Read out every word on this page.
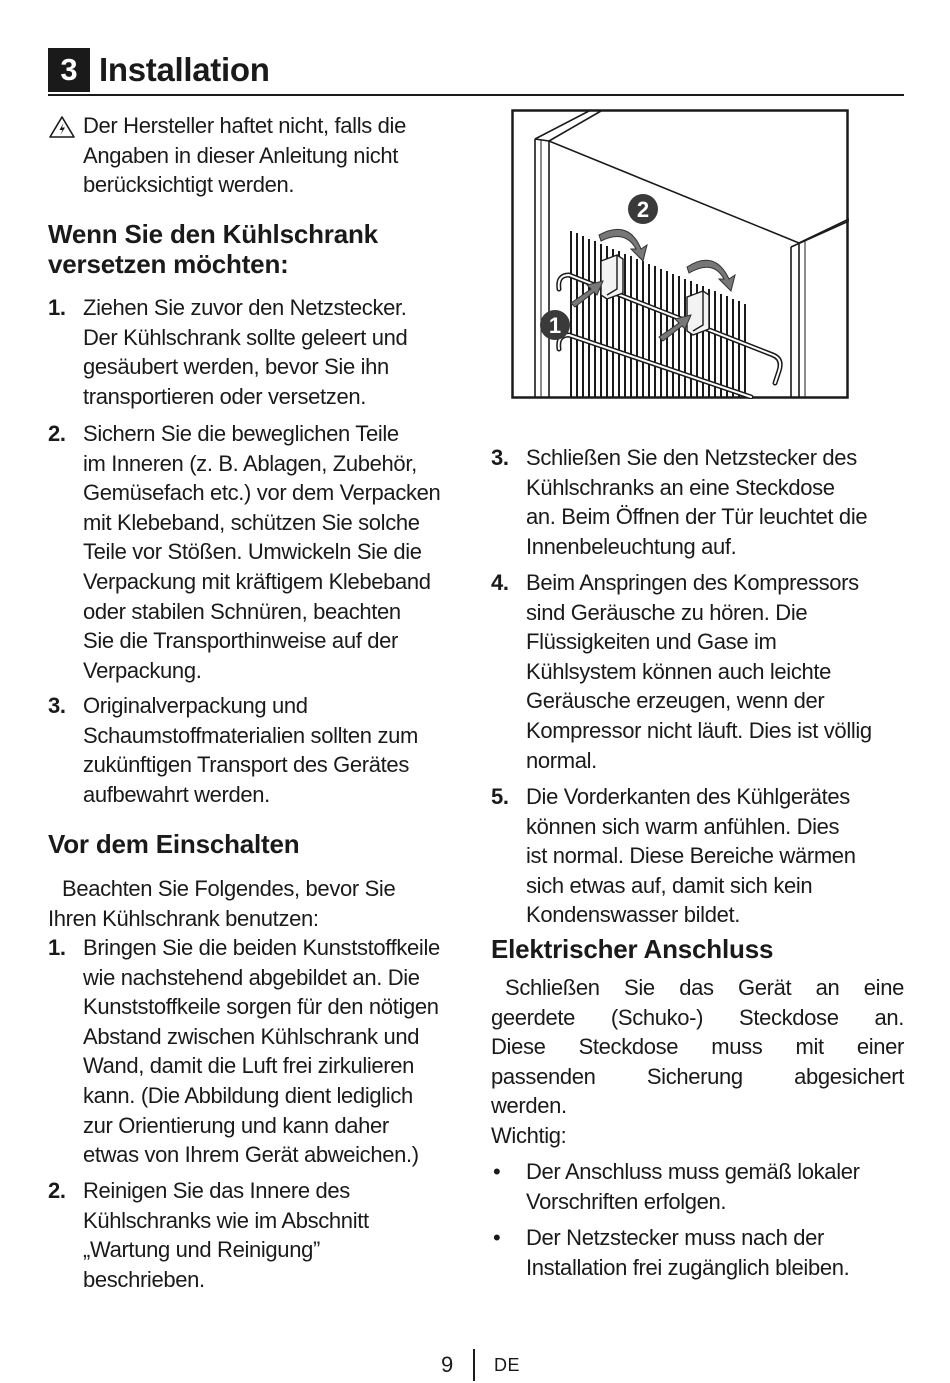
3 Installation
Der Hersteller haftet nicht, falls die
Angaben in dieser Anleitung nicht
berücksichtigt werden.
Wenn Sie den Kühlschrank
versetzen möchten:
1. Ziehen Sie zuvor den Netzstecker.
Der Kühlschrank sollte geleert und
gesäubert werden, bevor Sie ihn
transportieren oder versetzen.
2. Sichern Sie die beweglichen Teile
im Inneren (z. B. Ablagen, Zubehör,
Gemüsefach etc.) vor dem Verpacken
mit Klebeband, schützen Sie solche
Teile vor Stößen. Umwickeln Sie die
Verpackung mit kräftigem Klebeband
oder stabilen Schnüren, beachten
Sie die Transporthinweise auf der
Verpackung.
3. Originalverpackung und
Schaumstoffmaterialien sollten zum
zukünftigen Transport des Gerätes
aufbewahrt werden.
Vor dem Einschalten
Beachten Sie Folgendes, bevor Sie
Ihren Kühlschrank benutzen:
1. Bringen Sie die beiden Kunststoffkeile
wie nachstehend abgebildet an. Die
Kunststoffkeile sorgen für den nötigen
Abstand zwischen Kühlschrank und
Wand, damit die Luft frei zirkulieren
kann. (Die Abbildung dient lediglich
zur Orientierung und kann daher
etwas von Ihrem Gerät abweichen.)
2. Reinigen Sie das Innere des
Kühlschranks wie im Abschnitt
„Wartung und Reinigung”
beschrieben.
2
1
3. Schließen Sie den Netzstecker des
Kühlschranks an eine Steckdose
an. Beim Öffnen der Tür leuchtet die
Innenbeleuchtung auf.
4. Beim Anspringen des Kompressors
sind Geräusche zu hören. Die
Flüssigkeiten und Gase im
Kühlsystem können auch leichte
Geräusche erzeugen, wenn der
Kompressor nicht läuft. Dies ist völlig
normal.
5. Die Vorderkanten des Kühlgerätes
können sich warm anfühlen. Dies
ist normal. Diese Bereiche wärmen
sich etwas auf, damit sich kein
Kondenswasser bildet.
Elektrischer Anschluss
Schließen Sie das Gerät an eine
geerdete (Schuko-) Steckdose an.
Diese Steckdose muss mit einer
passenden Sicherung abgesichert
werden.
Wichtig:
• Der Anschluss muss gemäß lokaler
Vorschriften erfolgen.
• Der Netzstecker muss nach der
Installation frei zugänglich bleiben.
9 DE
